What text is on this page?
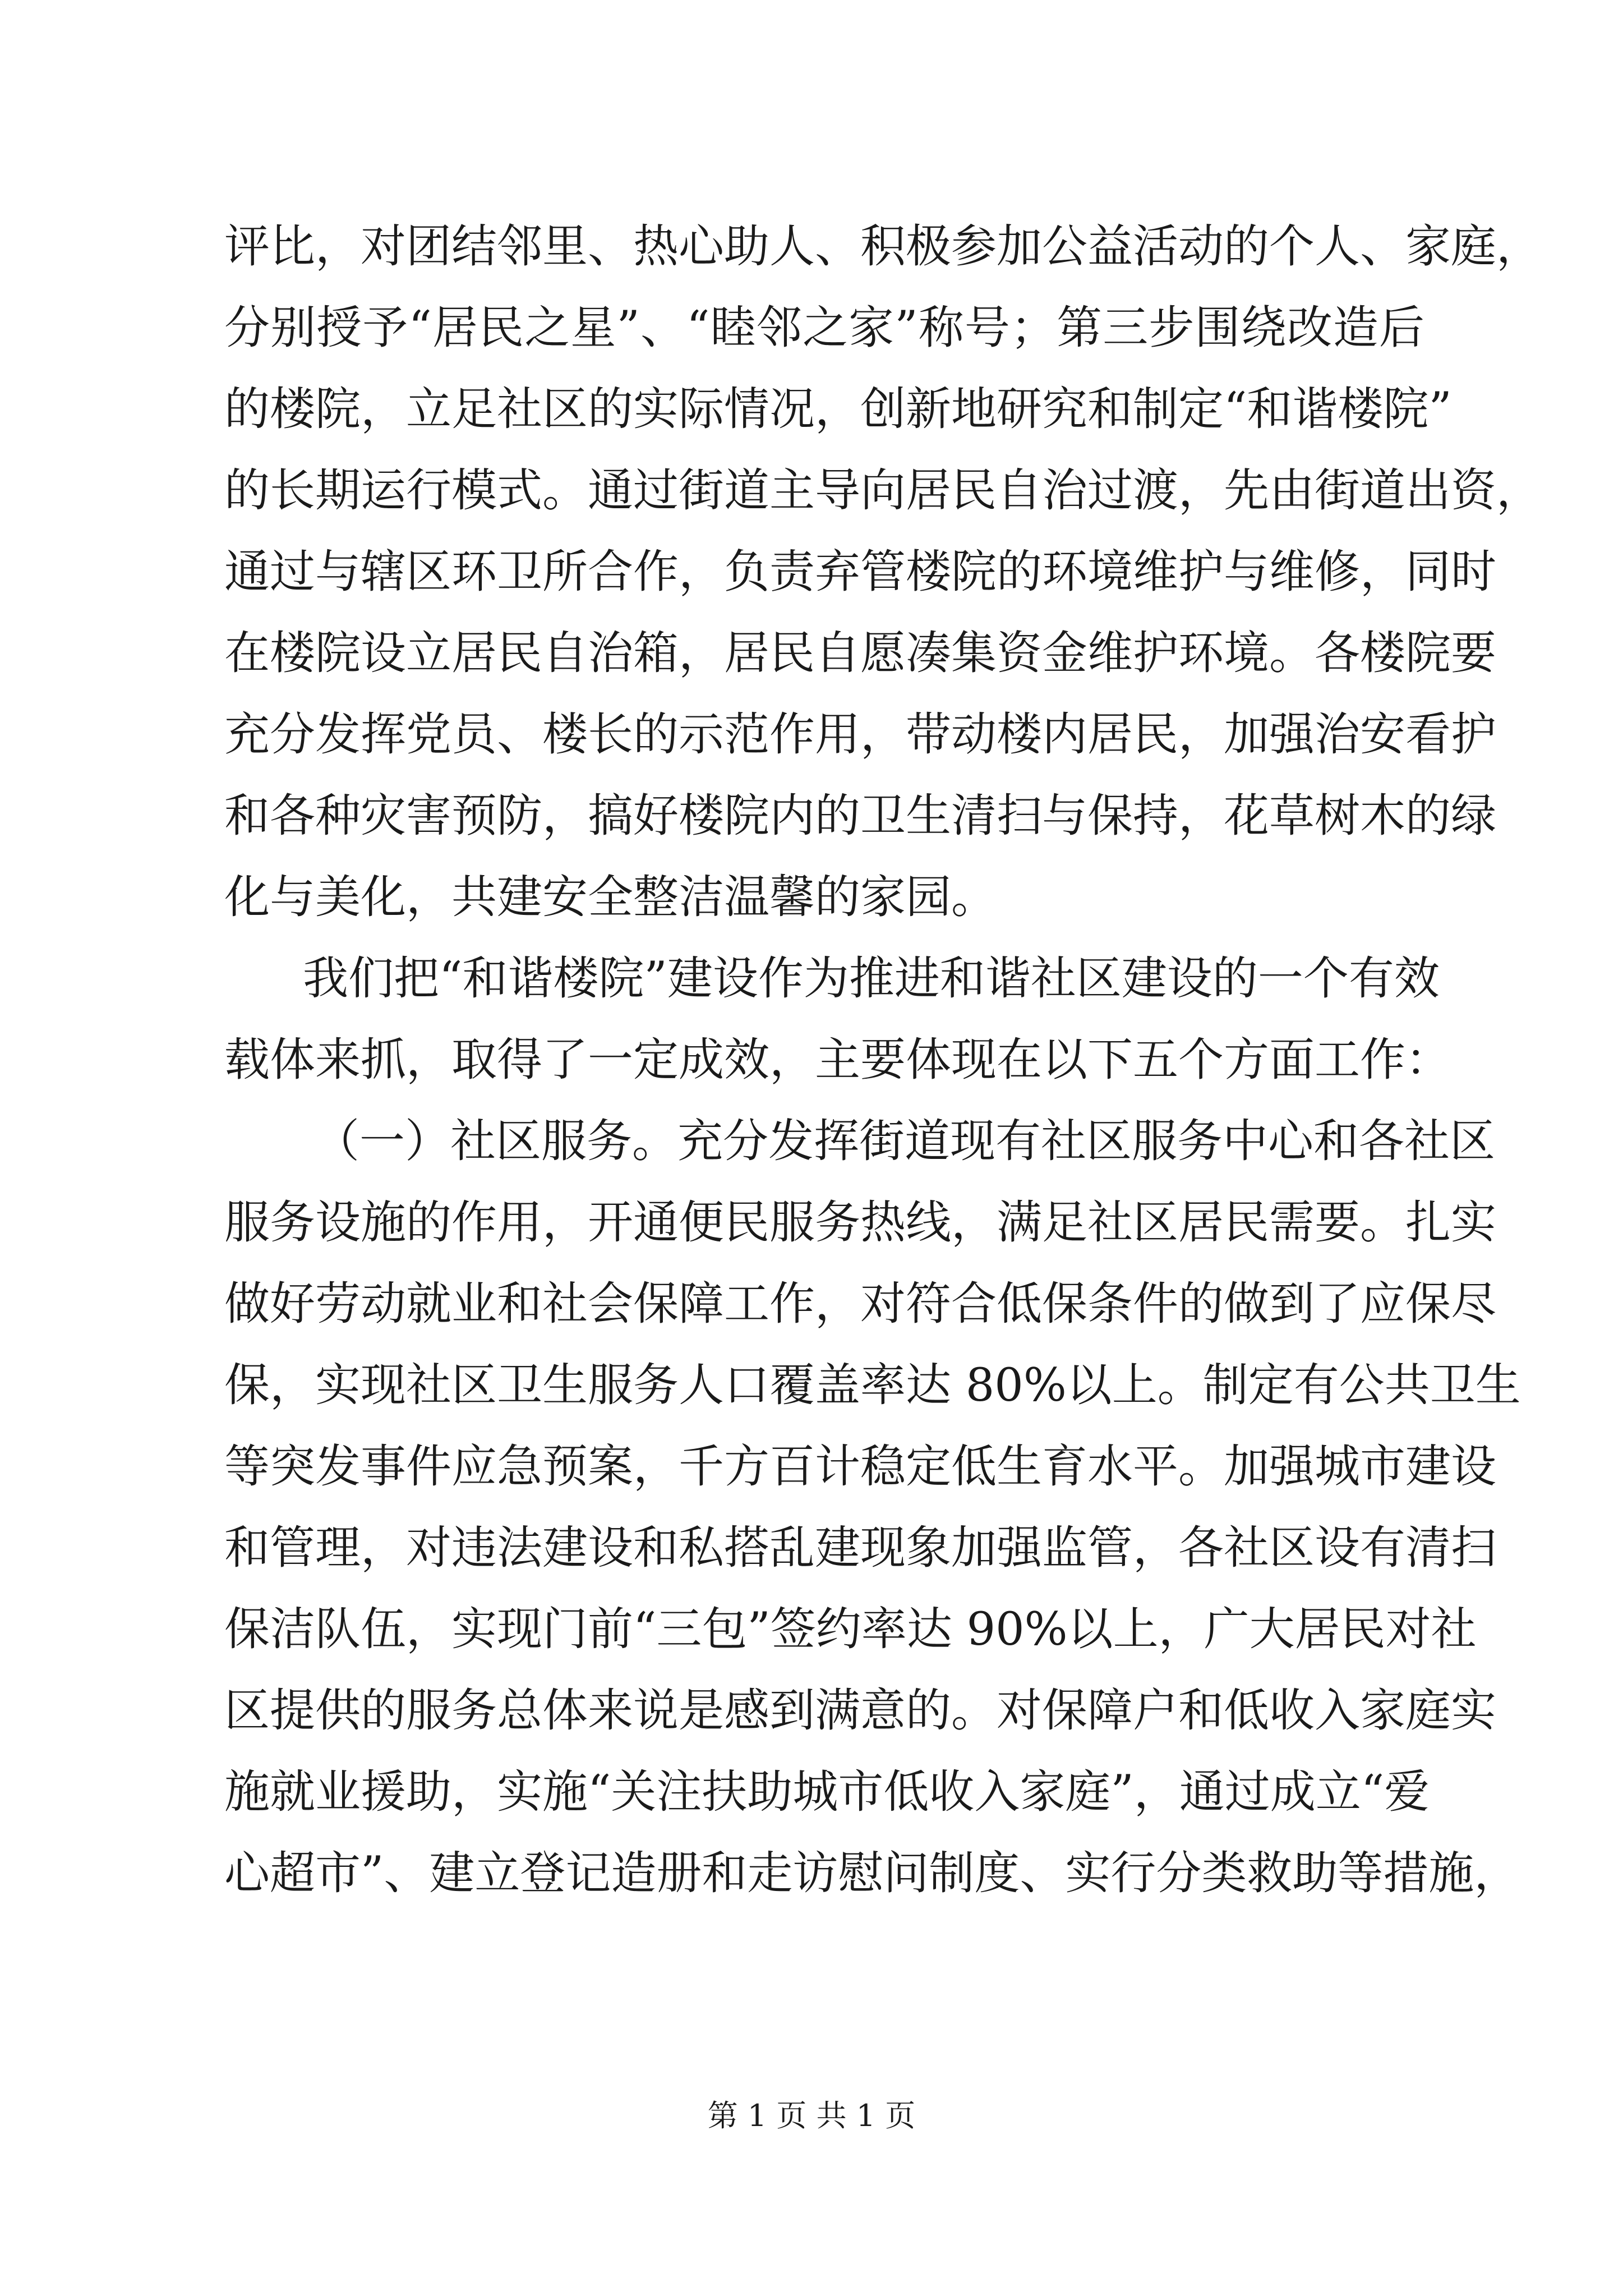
评比，对团结邻里、热心助人、积极参加公益活动的个人、家庭，
分别授予“居民之星”、“睦邻之家”称号；第三步围绕改造后
的楼院，立足社区的实际情况，创新地研究和制定“和谐楼院”
的长期运行模式。通过街道主导向居民自治过渡，先由街道出资，
通过与辖区环卫所合作，负责弃管楼院的环境维护与维修，同时
在楼院设立居民自治箱，居民自愿凑集资金维护环境。各楼院要
充分发挥党员、楼长的示范作用，带动楼内居民，加强治安看护
和各种灾害预防，搞好楼院内的卫生清扫与保持，花草树木的绿
化与美化，共建安全整洁温馨的家园。
我们把“和谐楼院”建设作为推进和谐社区建设的一个有效
载体来抓，取得了一定成效，主要体现在以下五个方面工作：
（一）社区服务。充分发挥街道现有社区服务中心和各社区
服务设施的作用，开通便民服务热线，满足社区居民需要。扎实
做好劳动就业和社会保障工作，对符合低保条件的做到了应保尽
保，实现社区卫生服务人口覆盖率达 80%以上。制定有公共卫生
等突发事件应急预案，千方百计稳定低生育水平。加强城市建设
和管理，对违法建设和私搭乱建现象加强监管，各社区设有清扫
保洁队伍，实现门前“三包”签约率达 90%以上，广大居民对社
区提供的服务总体来说是感到满意的。对保障户和低收入家庭实
施就业援助，实施“关注扶助城市低收入家庭”，通过成立“爱
心超市”、建立登记造册和走访慰问制度、实行分类救助等措施，
第 1 页 共 1 页
